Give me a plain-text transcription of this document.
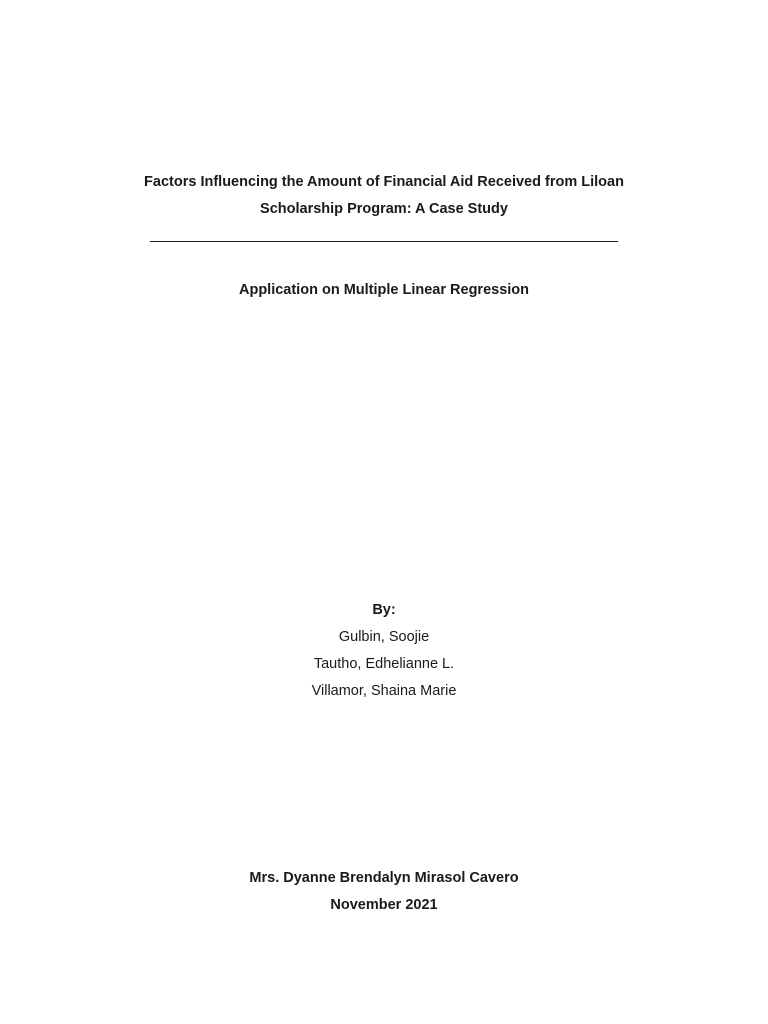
Factors Influencing the Amount of Financial Aid Received from Liloan
Scholarship Program: A Case Study
Application on Multiple Linear Regression
By:
Gulbin, Soojie
Tautho, Edhelianne L.
Villamor, Shaina Marie
Mrs. Dyanne Brendalyn Mirasol Cavero
November 2021
